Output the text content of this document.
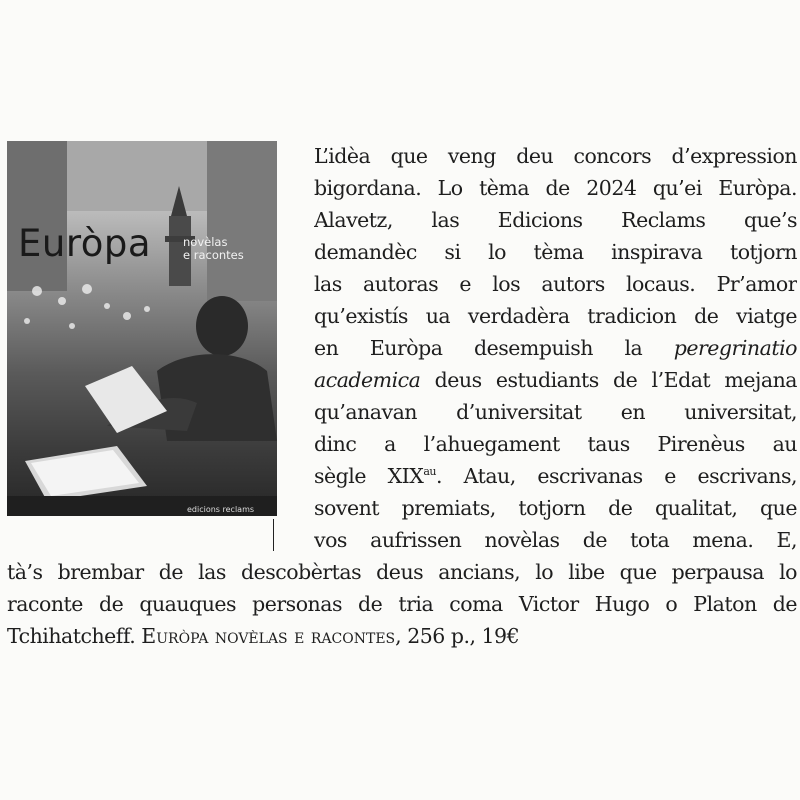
Euròpa	novèlas
e racontes

edicions reclams

L’idèa que veng deu concors d’expression

bigordana. Lo tèma de 2024 qu’ei Euròpa.

Alavetz, las Edicions Reclams que’s

demandèc si lo tèma inspirava totjorn

las autoras e los autors locaus. Pr’amor

qu’existís ua verdadèra tradicion de viatge

en Euròpa desempuish la peregrinatio

academica deus estudiants de l’Edat mejana

qu’anavan d’universitat en universitat,

dinc a l’ahuegament taus Pirenèus au

sègle $XIX^{au}$. Atau, escrivanas e escrivans,

sovent premiats, totjorn de qualitat, que

vos aufrissen novèlas de tota mena. E,

tà’s brembar de las descobèrtas deus ancians, lo libe que perpausa lo

raconte de quauques personas de tria coma Victor Hugo o Platon de

Tchihatcheff. Euròpa novèlas e racontes, 256 p., 19€
